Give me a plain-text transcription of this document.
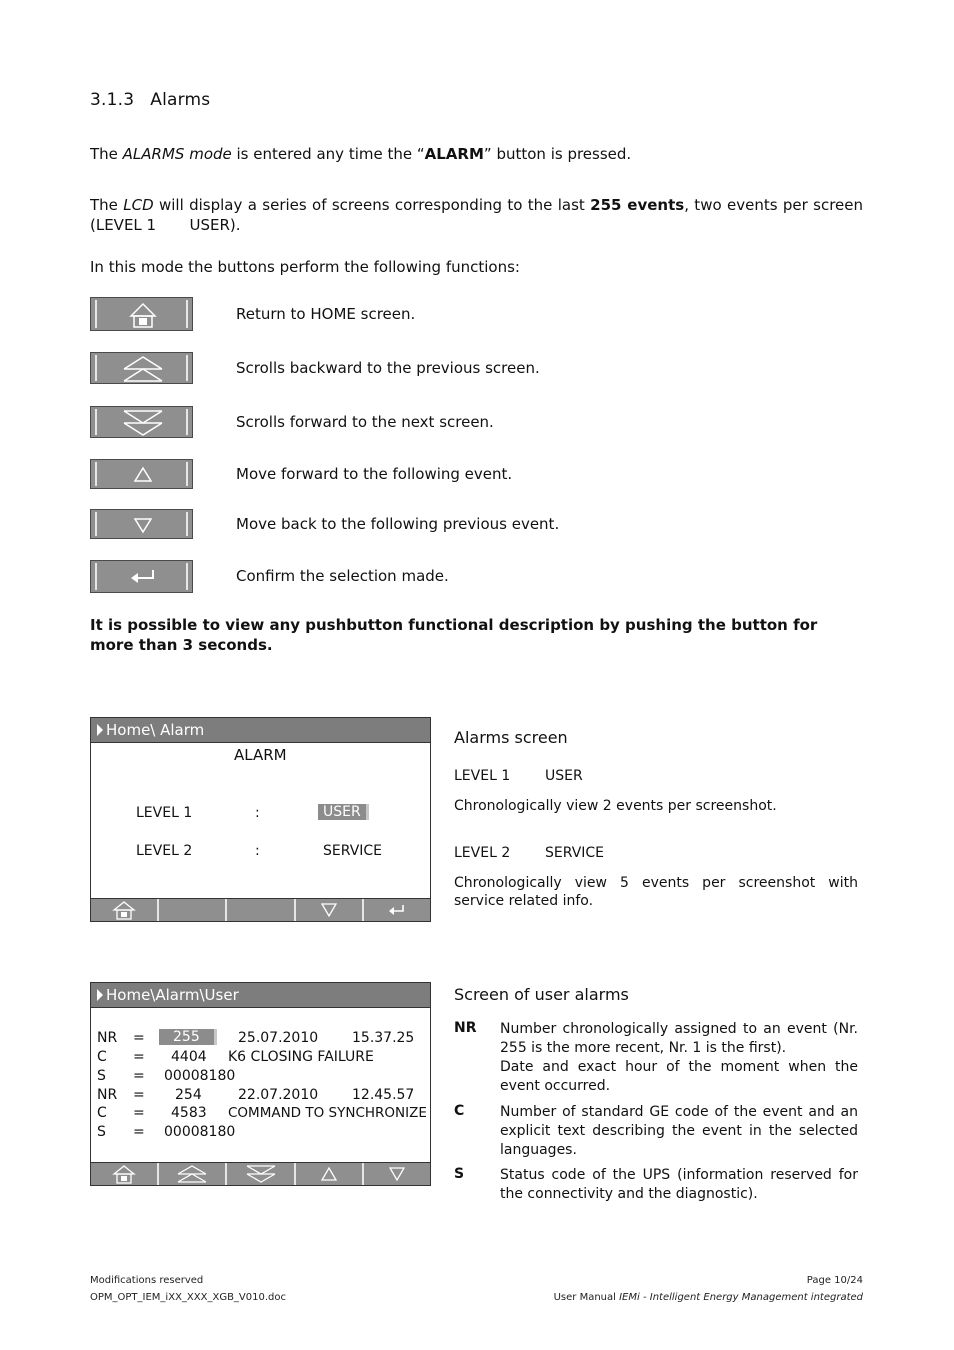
3.1.3 Alarms
The ALARMS mode is entered any time the “ALARM” button is pressed.
The LCD will display a series of screens corresponding to the last 255 events, two events per screen (LEVEL 1       USER).
In this mode the buttons perform the following functions:
Return to HOME screen.
Scrolls backward to the previous screen.
Scrolls forward to the next screen.
Move forward to the following event.
Move back to the following previous event.
Confirm the selection made.
It is possible to view any pushbutton functional description by pushing the button for more than 3 seconds.
Home\ Alarm
ALARM
LEVEL 1	:	USER
LEVEL 2	:	SERVICE
Alarms screen
LEVEL 1 USER
Chronologically view 2 events per screenshot.
LEVEL 2 SERVICE
Chronologically view 5 events per screenshot with service related info.
Home\Alarm\User
NR =	255	25.07.2010 15.37.25
C = 4404 K6 CLOSING FAILURE
S = 00008180
NR = 254	22.07.2010 12.45.57
C = 4583 COMMAND TO SYNCHRONIZE
S = 00008180
Screen of user alarms
NR Number chronologically assigned to an event (Nr. 255 is the more recent, Nr. 1 is the first).
Date and exact hour of the moment when the event occurred.
C	Number of standard GE code of the event and an explicit text describing the event in the selected languages.
S	Status code of the UPS (information reserved for the connectivity and the diagnostic).
Modifications reserved
OPM_OPT_IEM_iXX_XXX_XGB_V010.doc
Page 10/24
User Manual IEMi - Intelligent Energy Management integrated
